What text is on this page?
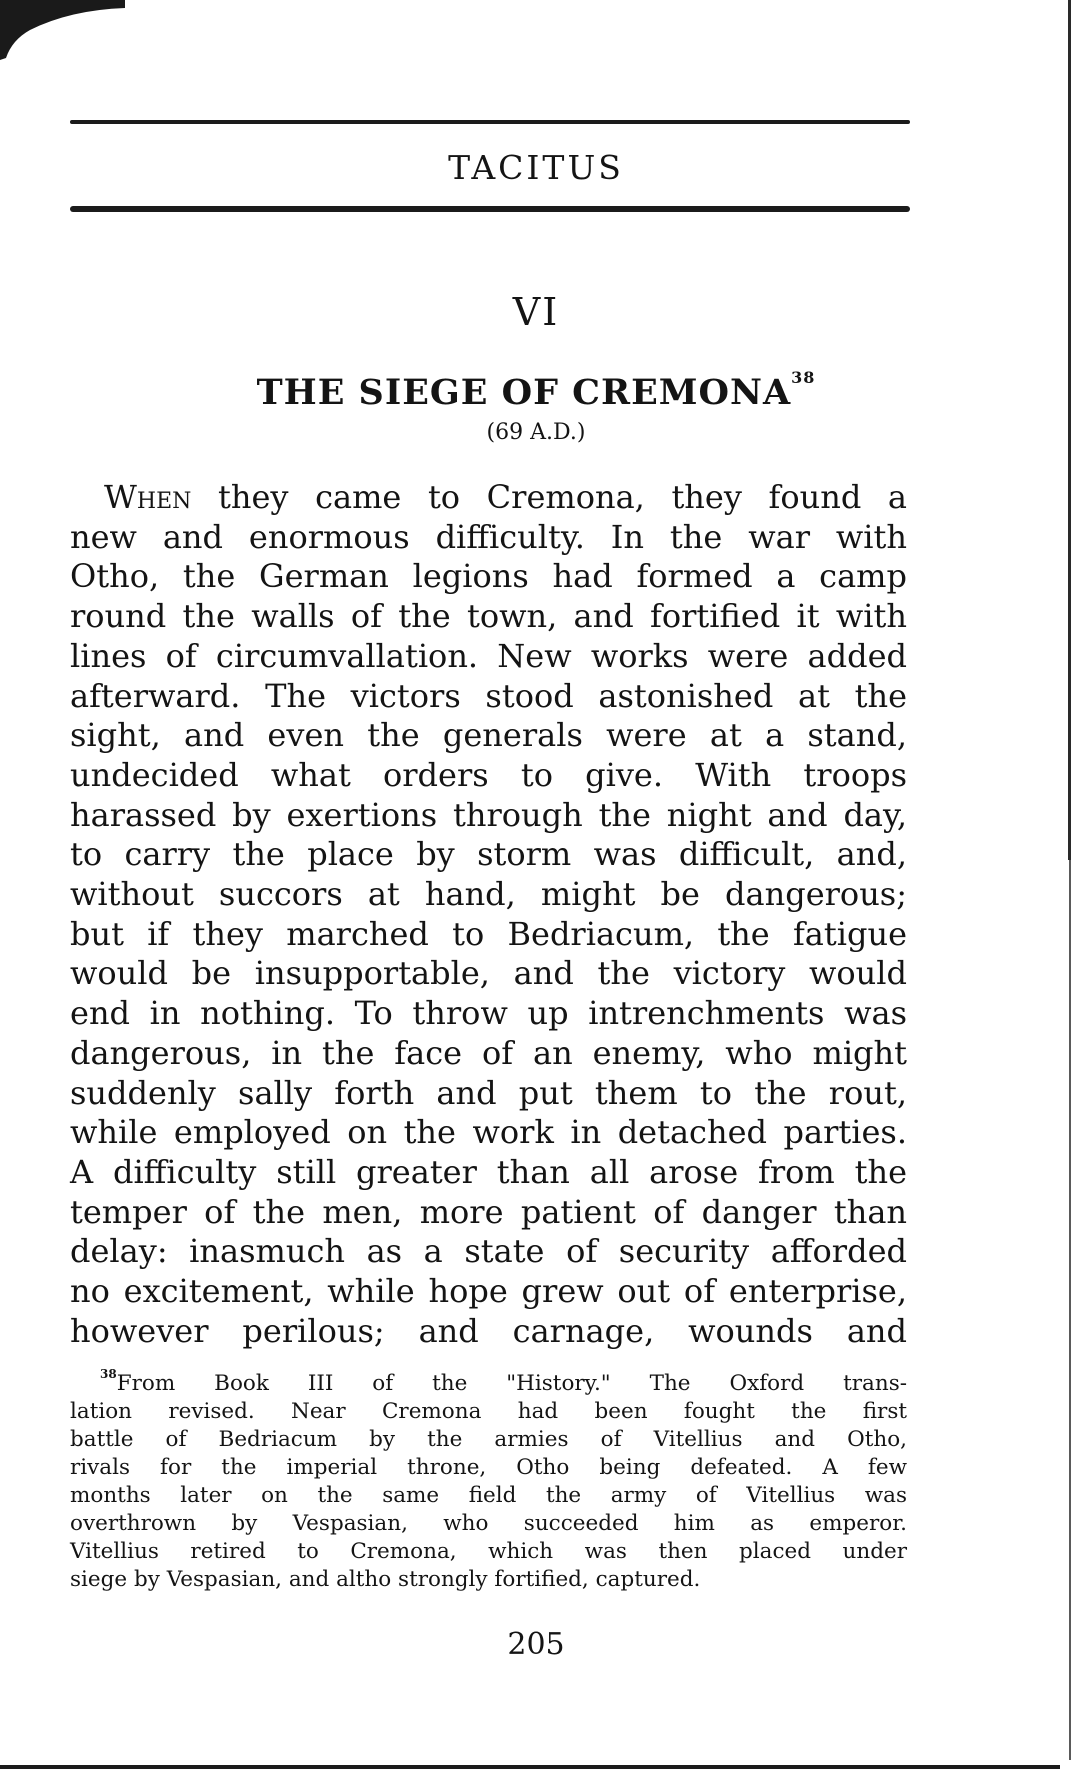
TACITUS
VI
THE SIEGE OF CREMONA$^{38}$
(69 A.D.)
When they came to Cremona, they found a
new and enormous difficulty. In the war with
Otho, the German legions had formed a camp
round the walls of the town, and fortified it with
lines of circumvallation. New works were added
afterward. The victors stood astonished at the
sight, and even the generals were at a stand,
undecided what orders to give. With troops
harassed by exertions through the night and day,
to carry the place by storm was difficult, and,
without succors at hand, might be dangerous;
but if they marched to Bedriacum, the fatigue
would be insupportable, and the victory would
end in nothing. To throw up intrenchments was
dangerous, in the face of an enemy, who might
suddenly sally forth and put them to the rout,
while employed on the work in detached parties.
A difficulty still greater than all arose from the
temper of the men, more patient of danger than
delay: inasmuch as a state of security afforded
no excitement, while hope grew out of enterprise,
however perilous; and carnage, wounds and
$^{38}$From Book III of the "History." The Oxford trans-
lation revised. Near Cremona had been fought the first
battle of Bedriacum by the armies of Vitellius and Otho,
rivals for the imperial throne, Otho being defeated. A few
months later on the same field the army of Vitellius was
overthrown by Vespasian, who succeeded him as emperor.
Vitellius retired to Cremona, which was then placed under
siege by Vespasian, and altho strongly fortified, captured.
205
